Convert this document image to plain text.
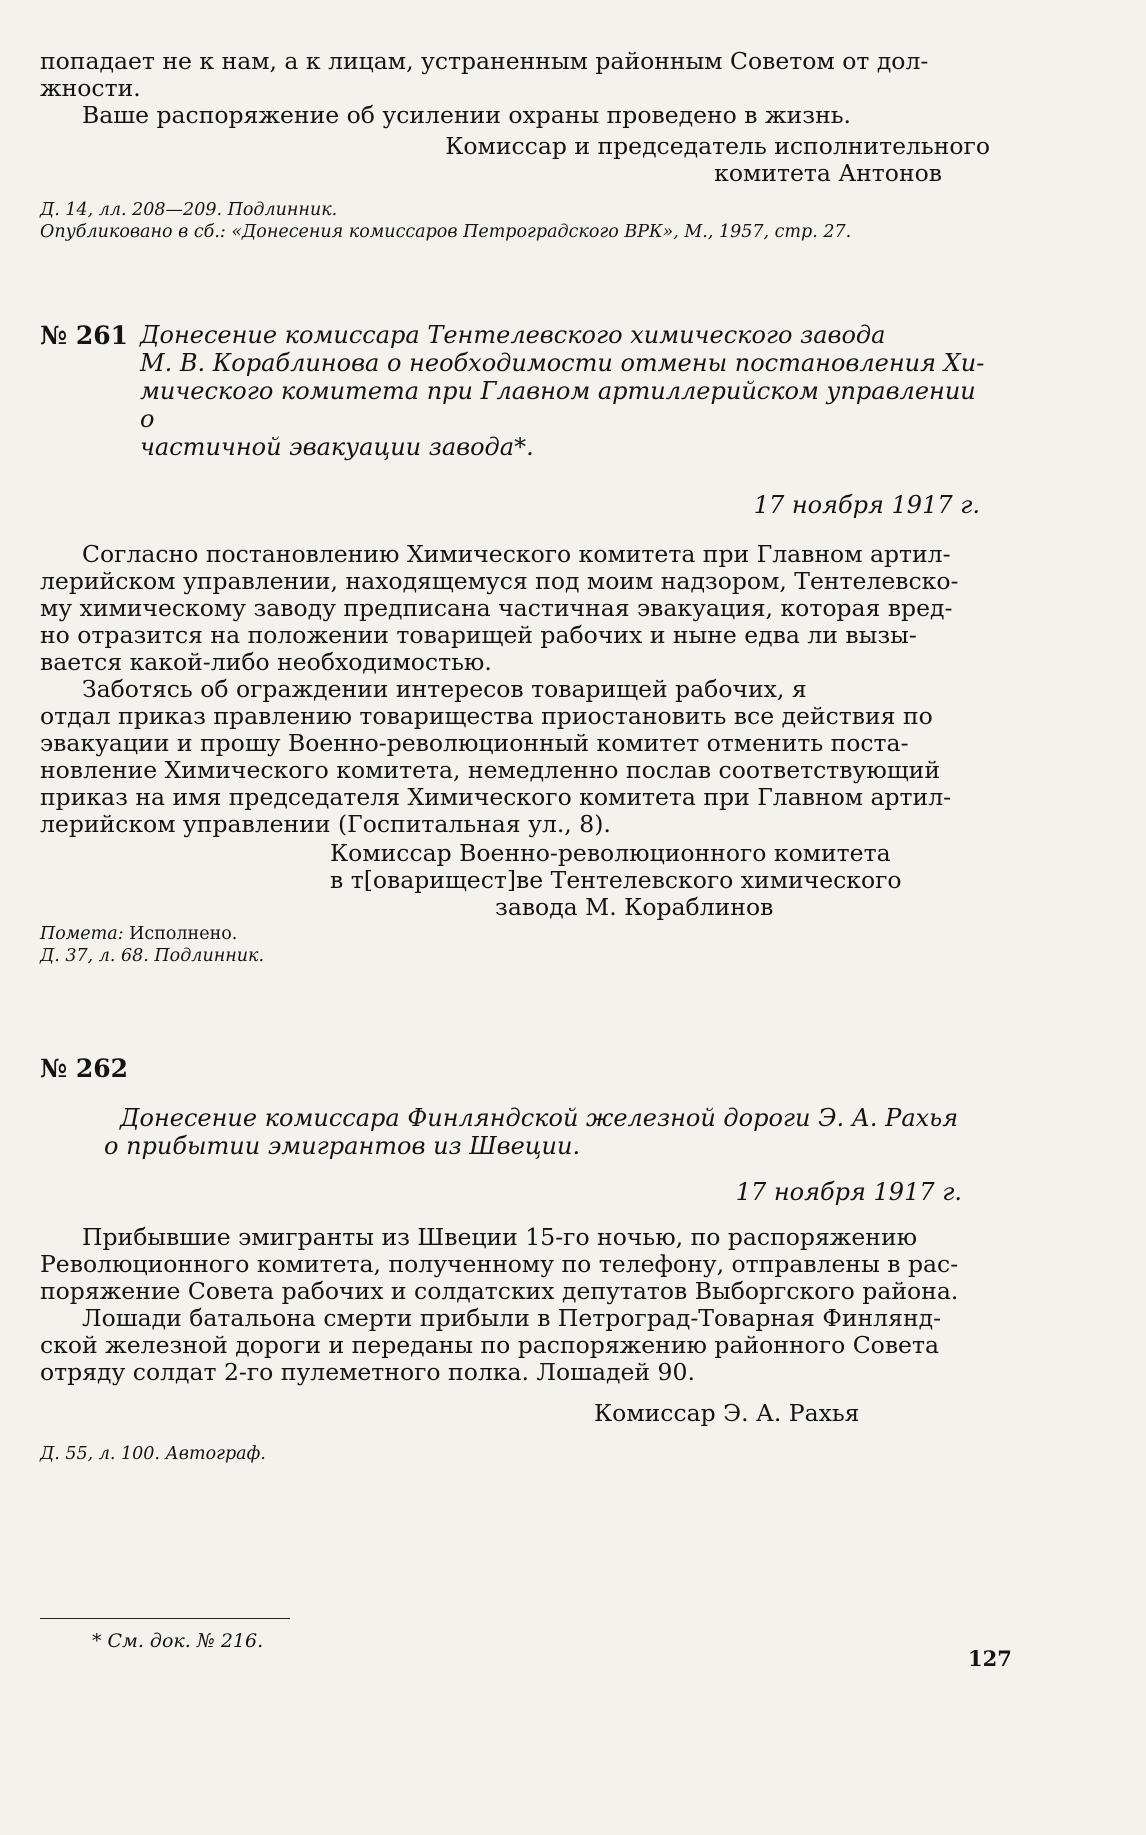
попадает не к нам, а к лицам, устраненным районным Советом от дол-

жности.

Ваше распоряжение об усилении охраны проведено в жизнь.

Комиссар и председатель исполнительного

комитета Антонов

Д. 14, лл. 208—209. Подлинник.

Опубликовано в сб.: «Донесения комиссаров Петроградского ВРК», М., 1957, стр. 27.

№ 261 Донесение комиссара Тентелевского химического завода

М. В. Кораблинова о необходимости отмены постановления Хи-

мического комитета при Главном артиллерийском управлении о

частичной эвакуации завода*.

17 ноября 1917 г.

Согласно постановлению Химического комитета при Главном артил-

лерийском управлении, находящемуся под моим надзором, Тентелевско-

му химическому заводу предписана частичная эвакуация, которая вред-

но отразится на положении товарищей рабочих и ныне едва ли вызы-

вается какой-либо необходимостью.

Заботясь об ограждении интересов товарищей рабочих, я

отдал приказ правлению товарищества приостановить все действия по

эвакуации и прошу Военно-революционный комитет отменить поста-

новление Химического комитета, немедленно послав соответствующий

приказ на имя председателя Химического комитета при Главном артил-

лерийском управлении (Госпитальная ул., 8).

Комиссар Военно-революционного комитета

в т[оварищест]ве Тентелевского химического

завода М. Кораблинов

Помета: Исполнено.

Д. 37, л. 68. Подлинник.

№ 262

Донесение комиссара Финляндской железной дороги Э. А. Рахья

о прибытии эмигрантов из Швеции.

17 ноября 1917 г.

Прибывшие эмигранты из Швеции 15-го ночью, по распоряжению

Революционного комитета, полученному по телефону, отправлены в рас-

поряжение Совета рабочих и солдатских депутатов Выборгского района.

Лошади батальона смерти прибыли в Петроград-Товарная Финлянд-

ской железной дороги и переданы по распоряжению районного Совета

отряду солдат 2-го пулеметного полка. Лошадей 90.

Комиссар Э. А. Рахья

Д. 55, л. 100. Автограф.

* См. док. № 216.

127
